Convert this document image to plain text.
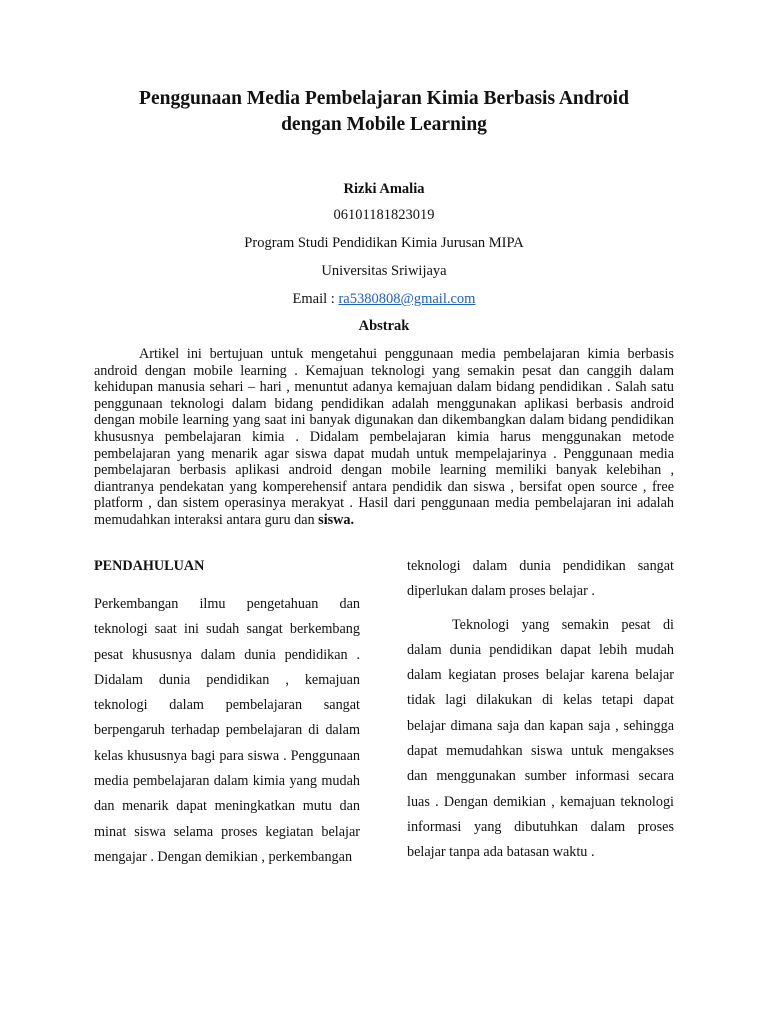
Penggunaan Media Pembelajaran Kimia Berbasis Android
dengan Mobile Learning
Rizki Amalia
06101181823019
Program Studi Pendidikan Kimia Jurusan MIPA
Universitas Sriwijaya
Email : ra5380808@gmail.com
Abstrak

Artikel ini bertujuan untuk mengetahui penggunaan media pembelajaran kimia berbasis android dengan mobile learning . Kemajuan teknologi yang semakin pesat dan canggih dalam kehidupan manusia sehari – hari , menuntut adanya kemajuan dalam bidang pendidikan . Salah satu penggunaan teknologi dalam bidang pendidikan adalah menggunakan aplikasi berbasis android dengan mobile learning yang saat ini banyak digunakan dan dikembangkan dalam bidang pendidikan khususnya pembelajaran kimia . Didalam pembelajaran kimia harus menggunakan metode pembelajaran yang menarik agar siswa dapat mudah untuk mempelajarinya . Penggunaan media pembelajaran berbasis aplikasi android dengan mobile learning memiliki banyak kelebihan , diantranya pendekatan yang komperehensif antara pendidik dan siswa , bersifat open source , free platform , dan sistem operasinya merakyat . Hasil dari penggunaan media pembelajaran ini adalah memudahkan interaksi antara guru dan siswa.

PENDAHULUAN

Perkembangan ilmu pengetahuan dan teknologi saat ini sudah sangat berkembang pesat khususnya dalam dunia pendidikan . Didalam dunia pendidikan , kemajuan teknologi dalam pembelajaran sangat berpengaruh terhadap pembelajaran di dalam kelas khususnya bagi para siswa . Penggunaan media pembelajaran dalam kimia yang mudah dan menarik dapat meningkatkan mutu dan minat siswa selama proses kegiatan belajar mengajar . Dengan demikian , perkembangan

teknologi dalam dunia pendidikan sangat diperlukan dalam proses belajar .

Teknologi yang semakin pesat di dalam dunia pendidikan dapat lebih mudah dalam kegiatan proses belajar karena belajar tidak lagi dilakukan di kelas tetapi dapat belajar dimana saja dan kapan saja , sehingga dapat memudahkan siswa untuk mengakses dan menggunakan sumber informasi secara luas . Dengan demikian , kemajuan teknologi informasi yang dibutuhkan dalam proses belajar tanpa ada batasan waktu .
